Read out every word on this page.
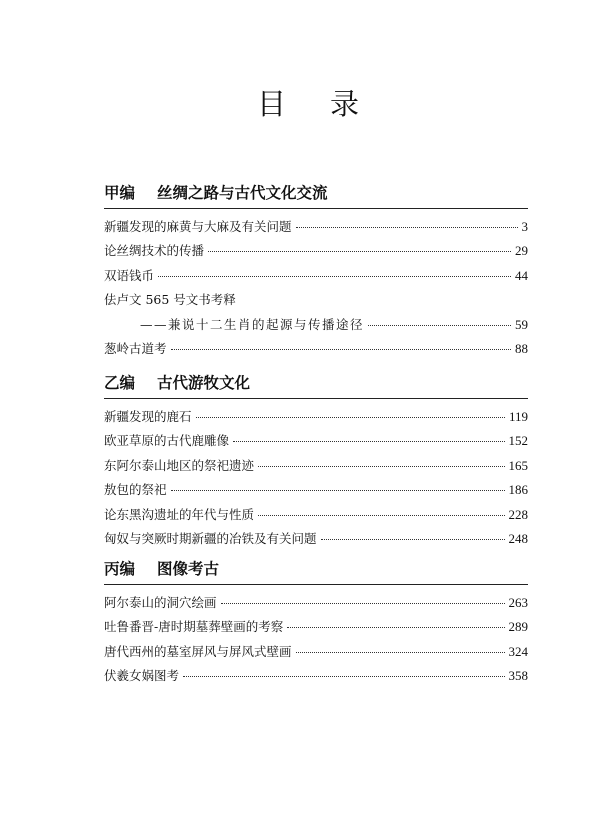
目录
甲编 丝绸之路与古代文化交流
新疆发现的麻黄与大麻及有关问题	3
论丝绸技术的传播	29
双语钱币	44
佉卢文 565 号文书考释
——兼说十二生肖的起源与传播途径	59
葱岭古道考	88
乙编 古代游牧文化
新疆发现的鹿石	119
欧亚草原的古代鹿雕像	152
东阿尔泰山地区的祭祀遗迹	165
敖包的祭祀	186
论东黑沟遗址的年代与性质	228
匈奴与突厥时期新疆的冶铁及有关问题	248
丙编 图像考古
阿尔泰山的洞穴绘画	263
吐鲁番晋-唐时期墓葬壁画的考察	289
唐代西州的墓室屏风与屏风式壁画	324
伏羲女娲图考	358
